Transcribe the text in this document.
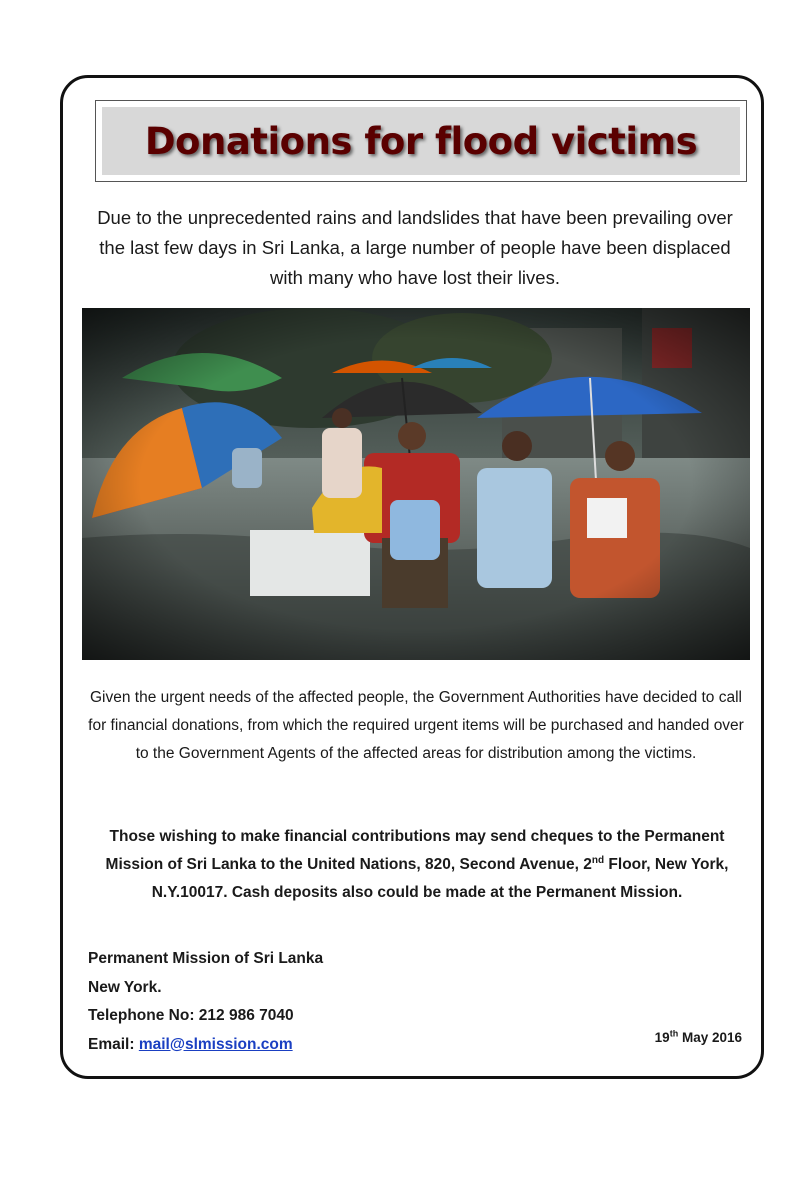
Donations for flood victims
Due to the unprecedented rains and landslides that have been prevailing over the last few days in Sri Lanka, a large number of people have been displaced with many who have lost their lives.
Given the urgent needs of the affected people, the Government Authorities have decided to call for financial donations, from which the required urgent items will be purchased and handed over to the Government Agents of the affected areas for distribution among the victims.
Those wishing to make financial contributions may send cheques to the Permanent Mission of Sri Lanka to the United Nations, 820, Second Avenue, 2nd Floor, New York, N.Y.10017. Cash deposits also could be made at the Permanent Mission.
Permanent Mission of Sri Lanka
New York.
Telephone No: 212 986 7040
Email: mail@slmission.com	19th May 2016
